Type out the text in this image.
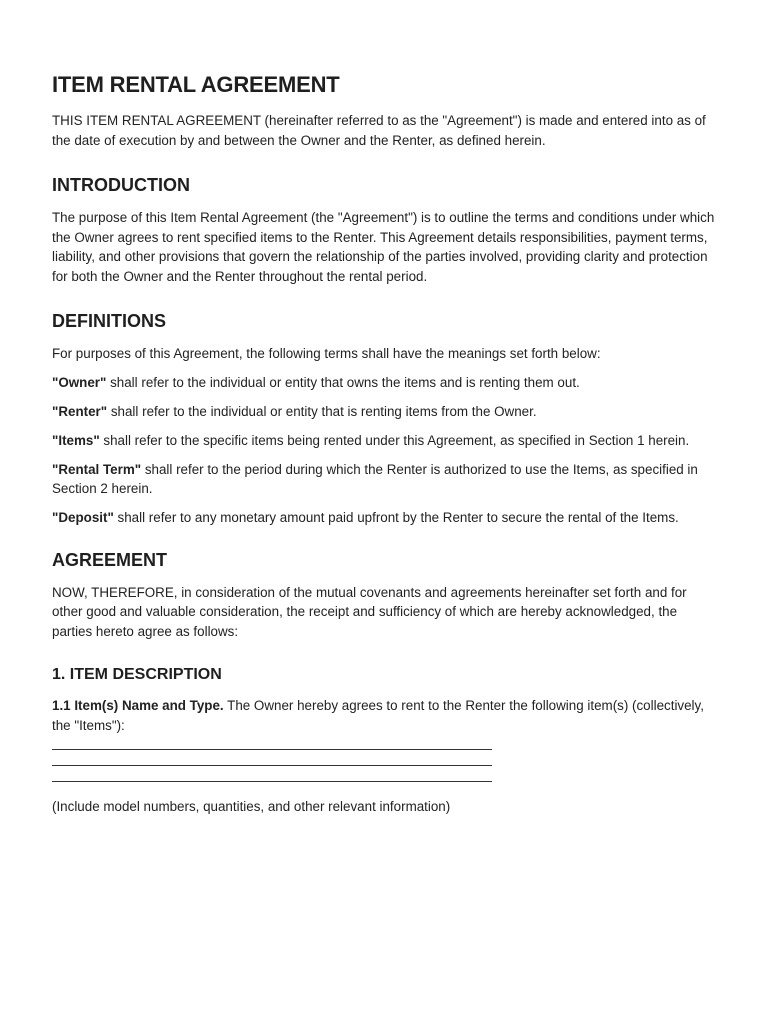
ITEM RENTAL AGREEMENT

THIS ITEM RENTAL AGREEMENT (hereinafter referred to as the "Agreement") is made and entered into as of the date of execution by and between the Owner and the Renter, as defined herein.

INTRODUCTION

The purpose of this Item Rental Agreement (the "Agreement") is to outline the terms and conditions under which the Owner agrees to rent specified items to the Renter. This Agreement details responsibilities, payment terms, liability, and other provisions that govern the relationship of the parties involved, providing clarity and protection for both the Owner and the Renter throughout the rental period.

DEFINITIONS

For purposes of this Agreement, the following terms shall have the meanings set forth below:

"Owner" shall refer to the individual or entity that owns the items and is renting them out.

"Renter" shall refer to the individual or entity that is renting items from the Owner.

"Items" shall refer to the specific items being rented under this Agreement, as specified in Section 1 herein.

"Rental Term" shall refer to the period during which the Renter is authorized to use the Items, as specified in Section 2 herein.

"Deposit" shall refer to any monetary amount paid upfront by the Renter to secure the rental of the Items.

AGREEMENT

NOW, THEREFORE, in consideration of the mutual covenants and agreements hereinafter set forth and for other good and valuable consideration, the receipt and sufficiency of which are hereby acknowledged, the parties hereto agree as follows:

1. ITEM DESCRIPTION

1.1 Item(s) Name and Type. The Owner hereby agrees to rent to the Renter the following item(s) (collectively, the "Items"):

(Include model numbers, quantities, and other relevant information)
